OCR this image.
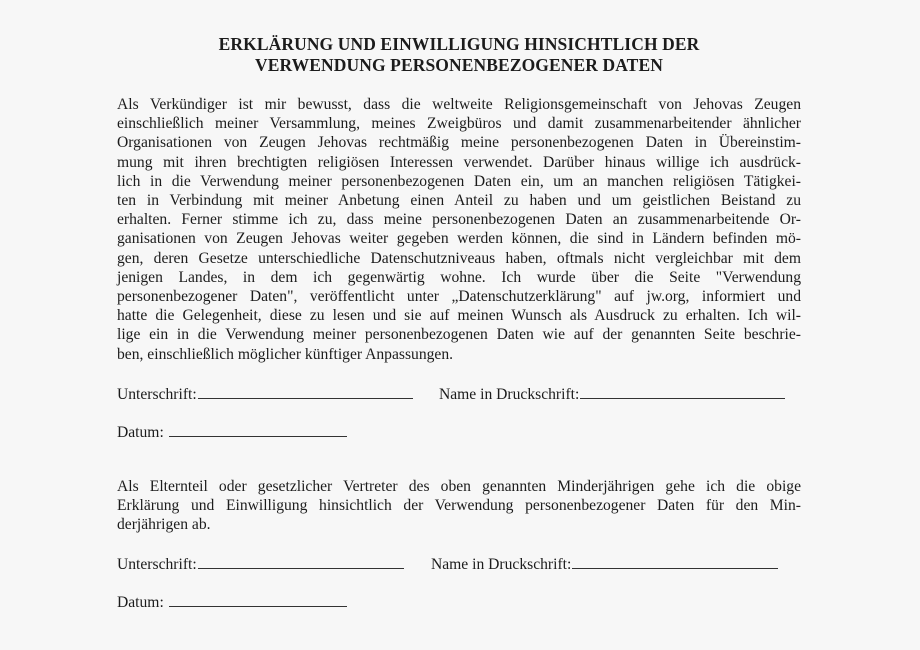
ERKLÄRUNG UND EINWILLIGUNG HINSICHTLICH DER
VERWENDUNG PERSONENBEZOGENER DATEN
Als Verkündiger ist mir bewusst, dass die weltweite Religionsgemeinschaft von Jehovas Zeugen
einschließlich meiner Versammlung, meines Zweigbüros und damit zusammenarbeitender ähnlicher
Organisationen von Zeugen Jehovas rechtmäßig meine personenbezogenen Daten in Übereinstim-
mung mit ihren brechtigten religiösen Interessen verwendet. Darüber hinaus willige ich ausdrück-
lich in die Verwendung meiner personenbezogenen Daten ein, um an manchen religiösen Tätigkei-
ten in Verbindung mit meiner Anbetung einen Anteil zu haben und um geistlichen Beistand zu
erhalten. Ferner stimme ich zu, dass meine personenbezogenen Daten an zusammenarbeitende Or-
ganisationen von Zeugen Jehovas weiter gegeben werden können, die sind in Ländern befinden mö-
gen, deren Gesetze unterschiedliche Datenschutzniveaus haben, oftmals nicht vergleichbar mit dem
jenigen Landes, in dem ich gegenwärtig wohne. Ich wurde über die Seite "Verwendung
personenbezogener Daten", veröffentlicht unter „Datenschutzerklärung" auf jw.org, informiert und
hatte die Gelegenheit, diese zu lesen und sie auf meinen Wunsch als Ausdruck zu erhalten. Ich wil-
lige ein in die Verwendung meiner personenbezogenen Daten wie auf der genannten Seite beschrie-
ben, einschließlich möglicher künftiger Anpassungen.
Unterschrift:	Name in Druckschrift:
Datum:
Als Elternteil oder gesetzlicher Vertreter des oben genannten Minderjährigen gehe ich die obige
Erklärung und Einwilligung hinsichtlich der Verwendung personenbezogener Daten für den Min-
derjährigen ab.
Unterschrift:	Name in Druckschrift:
Datum:
